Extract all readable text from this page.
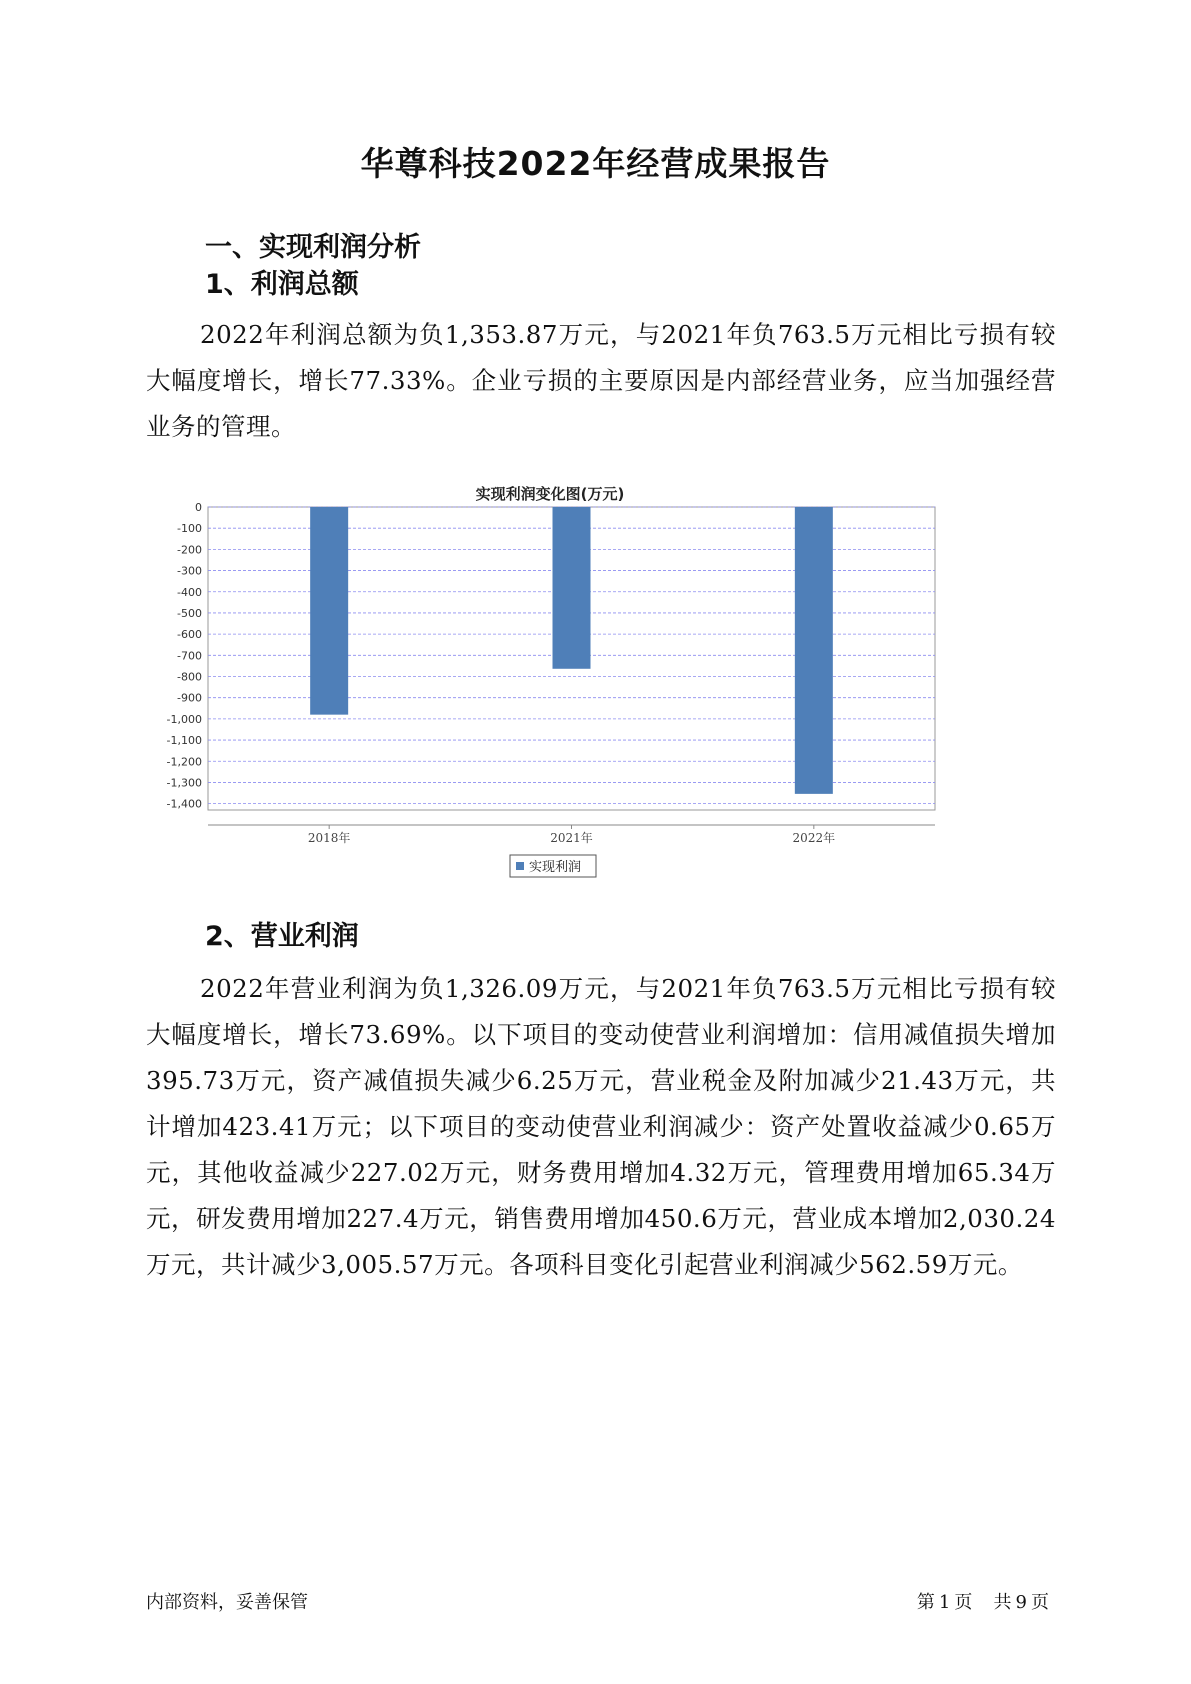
华尊科技2022年经营成果报告
一、实现利润分析
1、利润总额
2022年利润总额为负1,353.87万元，与2021年负763.5万元相比亏损有较大幅度增长，增长77.33%。企业亏损的主要原因是内部经营业务，应当加强经营业务的管理。
实现利润变化图(万元)
0
-100
-200
-300
-400
-500
-600
-700
-800
-900
-1,000
-1,100
-1,200
-1,300
-1,400
2018年	2021年	2022年
实现利润
2、营业利润
2022年营业利润为负1,326.09万元，与2021年负763.5万元相比亏损有较大幅度增长，增长73.69%。以下项目的变动使营业利润增加：信用减值损失增加395.73万元，资产减值损失减少6.25万元，营业税金及附加减少21.43万元，共计增加423.41万元；以下项目的变动使营业利润减少：资产处置收益减少0.65万元，其他收益减少227.02万元，财务费用增加4.32万元，管理费用增加65.34万元，研发费用增加227.4万元，销售费用增加450.6万元，营业成本增加2,030.24万元，共计减少3,005.57万元。各项科目变化引起营业利润减少562.59万元。
内部资料，妥善保管	第 1 页 共 9 页
